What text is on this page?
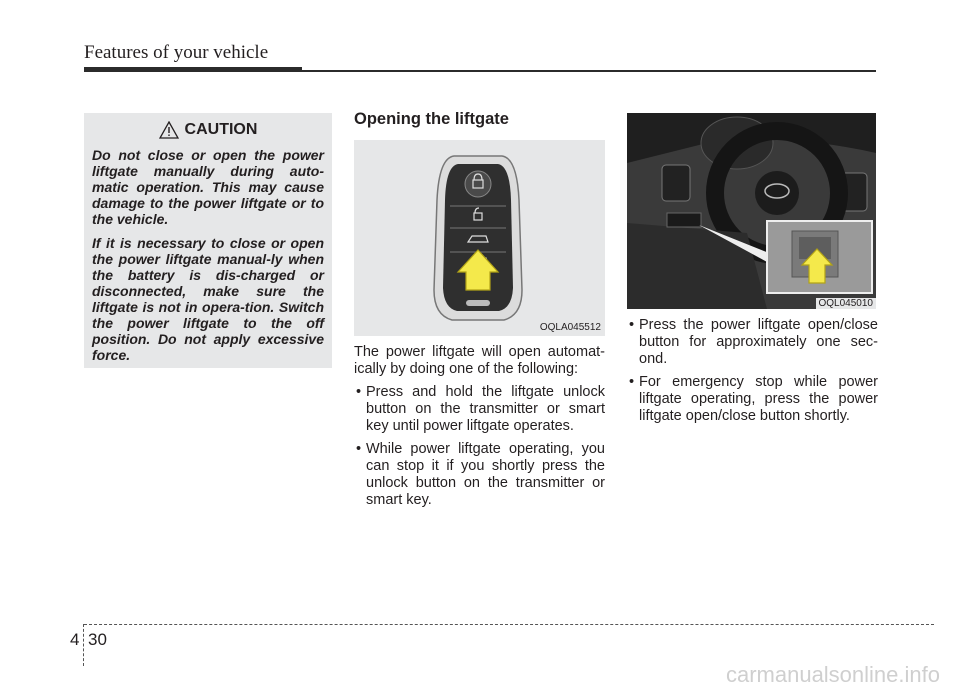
Features of your vehicle
CAUTION

Do not close or open the power liftgate manually during auto-matic operation. This may cause damage to the power liftgate or to the vehicle.

If it is necessary to close or open the power liftgate manual-ly when the battery is dis-charged or disconnected, make sure the liftgate is not in opera-tion. Switch the power liftgate to the off position. Do not apply excessive force.

Opening the liftgate
OQLA045512

The power liftgate will open automat-ically by doing one of the following:

• Press and hold the liftgate unlock button on the transmitter or smart key until power liftgate operates.
• While power liftgate operating, you can stop it if you shortly press the unlock button on the transmitter or smart key.
OQL045010
• Press the power liftgate open/close button for approximately one sec-ond.
• For emergency stop while power liftgate operating, press the power liftgate open/close button shortly.
4 30
carmanualsonline.info
